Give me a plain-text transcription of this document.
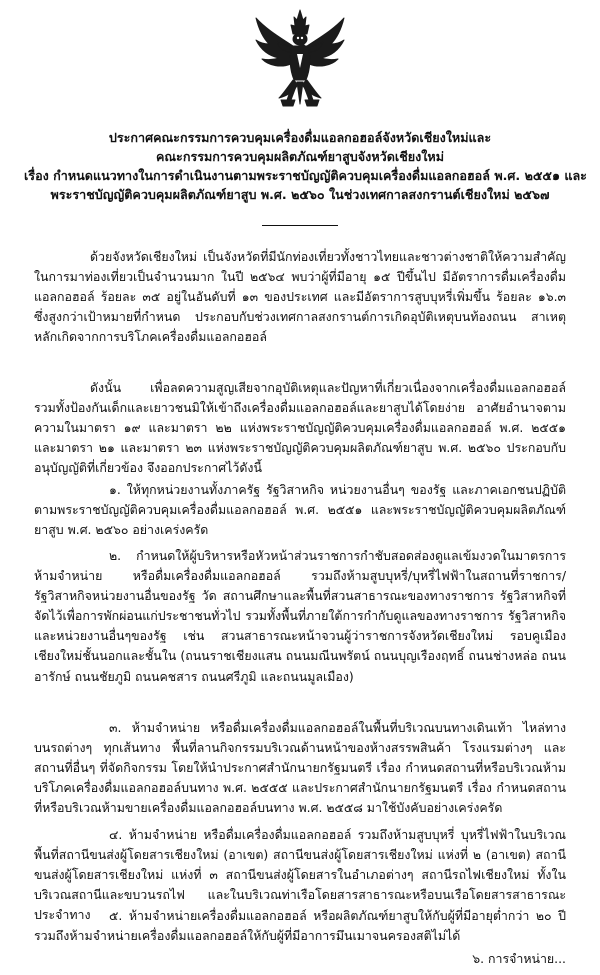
ประกาศคณะกรรมการควบคุมเครื่องดื่มแอลกอฮอล์จังหวัดเชียงใหม่และ
คณะกรรมการควบคุมผลิตภัณฑ์ยาสูบจังหวัดเชียงใหม่
เรื่อง กำหนดแนวทางในการดำเนินงานตามพระราชบัญญัติควบคุมเครื่องดื่มแอลกอฮอล์ พ.ศ. ๒๕๕๑ และ
พระราชบัญญัติควบคุมผลิตภัณฑ์ยาสูบ พ.ศ. ๒๕๖๐ ในช่วงเทศกาลสงกรานต์เชียงใหม่ ๒๕๖๗

ด้วยจังหวัดเชียงใหม่ เป็นจังหวัดที่มีนักท่องเที่ยวทั้งชาวไทยและชาวต่างชาติให้ความสำคัญในการมาท่องเที่ยวเป็นจำนวนมาก ในปี ๒๕๖๔ พบว่าผู้ที่มีอายุ ๑๕ ปีขึ้นไป มีอัตราการดื่มเครื่องดื่มแอลกอฮอล์ ร้อยละ ๓๕ อยู่ในอันดับที่ ๑๓ ของประเทศ และมีอัตราการสูบบุหรี่เพิ่มขึ้น ร้อยละ ๑๖.๓ ซึ่งสูงกว่าเป้าหมายที่กำหนด ประกอบกับช่วงเทศกาลสงกรานต์การเกิดอุบัติเหตุบนท้องถนน สาเหตุหลักเกิดจากการบริโภคเครื่องดื่มแอลกอฮอล์

ดังนั้น เพื่อลดความสูญเสียจากอุบัติเหตุและปัญหาที่เกี่ยวเนื่องจากเครื่องดื่มแอลกอฮอล์ รวมทั้งป้องกันเด็กและเยาวชนมิให้เข้าถึงเครื่องดื่มแอลกอฮอล์และยาสูบได้โดยง่าย อาศัยอำนาจตามความในมาตรา ๑๙ และมาตรา ๒๒ แห่งพระราชบัญญัติควบคุมเครื่องดื่มแอลกอฮอล์ พ.ศ. ๒๕๕๑ และมาตรา ๒๑ และมาตรา ๒๓ แห่งพระราชบัญญัติควบคุมผลิตภัณฑ์ยาสูบ พ.ศ. ๒๕๖๐ ประกอบกับอนุบัญญัติที่เกี่ยวข้อง จึงออกประกาศไว้ดังนี้

๑. ให้ทุกหน่วยงานทั้งภาครัฐ รัฐวิสาหกิจ หน่วยงานอื่นๆ ของรัฐ และภาคเอกชนปฏิบัติตามพระราชบัญญัติควบคุมเครื่องดื่มแอลกอฮอล์ พ.ศ. ๒๕๕๑ และพระราชบัญญัติควบคุมผลิตภัณฑ์ยาสูบ พ.ศ. ๒๕๖๐ อย่างเคร่งครัด

๒. กำหนดให้ผู้บริหารหรือหัวหน้าส่วนราชการกำชับสอดส่องดูแลเข้มงวดในมาตรการห้ามจำหน่าย หรือดื่มเครื่องดื่มแอลกอฮอล์ รวมถึงห้ามสูบบุหรี่/บุหรี่ไฟฟ้าในสถานที่ราชการ/รัฐวิสาหกิจหน่วยงานอื่นของรัฐ วัด สถานศึกษาและพื้นที่สวนสาธารณะของทางราชการ รัฐวิสาหกิจที่จัดไว้เพื่อการพักผ่อนแก่ประชาชนทั่วไป รวมทั้งพื้นที่ภายใต้การกำกับดูแลของทางราชการ รัฐวิสาหกิจ และหน่วยงานอื่นๆของรัฐ เช่น สวนสาธารณะหน้าจวนผู้ว่าราชการจังหวัดเชียงใหม่ รอบคูเมืองเชียงใหม่ชั้นนอกและชั้นใน (ถนนราชเชียงแสน ถนนมณีนพรัตน์ ถนนบุญเรืองฤทธิ์ ถนนช่างหล่อ ถนนอารักษ์ ถนนชัยภูมิ ถนนคชสาร ถนนศรีภูมิ และถนนมูลเมือง)

๓. ห้ามจำหน่าย หรือดื่มเครื่องดื่มแอลกอฮอล์ในพื้นที่บริเวณบนทางเดินเท้า ไหล่ทาง บนรถต่างๆ ทุกเส้นทาง พื้นที่ลานกิจกรรมบริเวณด้านหน้าของห้างสรรพสินค้า โรงแรมต่างๆ และสถานที่อื่นๆ ที่จัดกิจกรรม โดยให้นำประกาศสำนักนายกรัฐมนตรี เรื่อง กำหนดสถานที่หรือบริเวณห้ามบริโภคเครื่องดื่มแอลกอฮอล์บนทาง พ.ศ. ๒๕๕๕ และประกาศสำนักนายกรัฐมนตรี เรื่อง กำหนดสถานที่หรือบริเวณห้ามขายเครื่องดื่มแอลกอฮอล์บนทาง พ.ศ. ๒๕๕๘ มาใช้บังคับอย่างเคร่งครัด

๔. ห้ามจำหน่าย หรือดื่มเครื่องดื่มแอลกอฮอล์ รวมถึงห้ามสูบบุหรี่ บุหรี่ไฟฟ้าในบริเวณพื้นที่สถานีขนส่งผู้โดยสารเชียงใหม่ (อาเขต) สถานีขนส่งผู้โดยสารเชียงใหม่ แห่งที่ ๒ (อาเขต) สถานีขนส่งผู้โดยสารเชียงใหม่ แห่งที่ ๓ สถานีขนส่งผู้โดยสารในอำเภอต่างๆ สถานีรถไฟเชียงใหม่ ทั้งในบริเวณสถานีและขบวนรถไฟ และในบริเวณท่าเรือโดยสารสาธารณะหรือบนเรือโดยสารสาธารณะประจำทาง	๕. ห้ามจำหน่ายเครื่องดื่มแอลกอฮอล์ หรือผลิตภัณฑ์ยาสูบให้กับผู้ที่มีอายุต่ำกว่า ๒๐ ปี รวมถึงห้ามจำหน่ายเครื่องดื่มแอลกอฮอล์ให้กับผู้ที่มีอาการมึนเมาจนครองสติไม่ได้

๖. การจำหน่าย...
